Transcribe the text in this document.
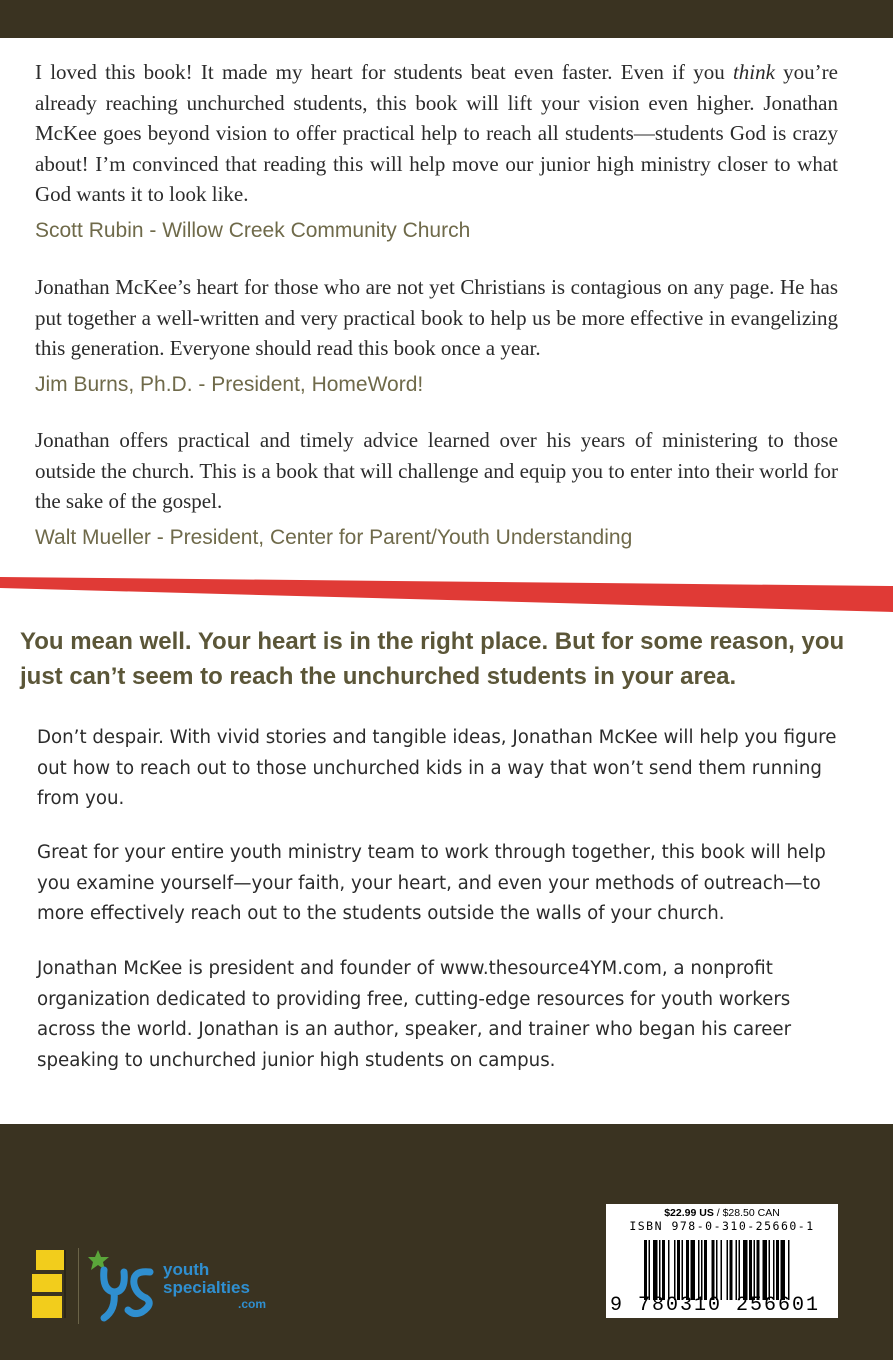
I loved this book! It made my heart for students beat even faster. Even if you think you’re already reaching unchurched students, this book will lift your vision even higher. Jonathan McKee goes beyond vision to offer practical help to reach all students—students God is crazy about! I’m convinced that reading this will help move our junior high ministry closer to what God wants it to look like.

Scott Rubin - Willow Creek Community Church

Jonathan McKee’s heart for those who are not yet Christians is contagious on any page. He has put together a well-written and very practical book to help us be more effective in evangelizing this generation. Everyone should read this book once a year.

Jim Burns, Ph.D. - President, HomeWord!

Jonathan offers practical and timely advice learned over his years of ministering to those outside the church. This is a book that will challenge and equip you to enter into their world for the sake of the gospel.

Walt Mueller - President, Center for Parent/Youth Understanding

You mean well. Your heart is in the right place. But for some reason, you just can’t seem to reach the unchurched students in your area.

Don’t despair. With vivid stories and tangible ideas, Jonathan McKee will help you figure out how to reach out to those unchurched kids in a way that won’t send them running from you.

Great for your entire youth ministry team to work through together, this book will help you examine yourself—your faith, your heart, and even your methods of outreach—to more effectively reach out to the students outside the walls of your church.

Jonathan McKee is president and founder of www.thesource4YM.com, a nonprofit organization dedicated to providing free, cutting-edge resources for youth workers across the world. Jonathan is an author, speaker, and trainer who began his career speaking to unchurched junior high students on campus.

youth
specialties
.com
$22.99 US / $28.50 CAN
ISBN 978-0-310-25660-1
9 780310 256601
